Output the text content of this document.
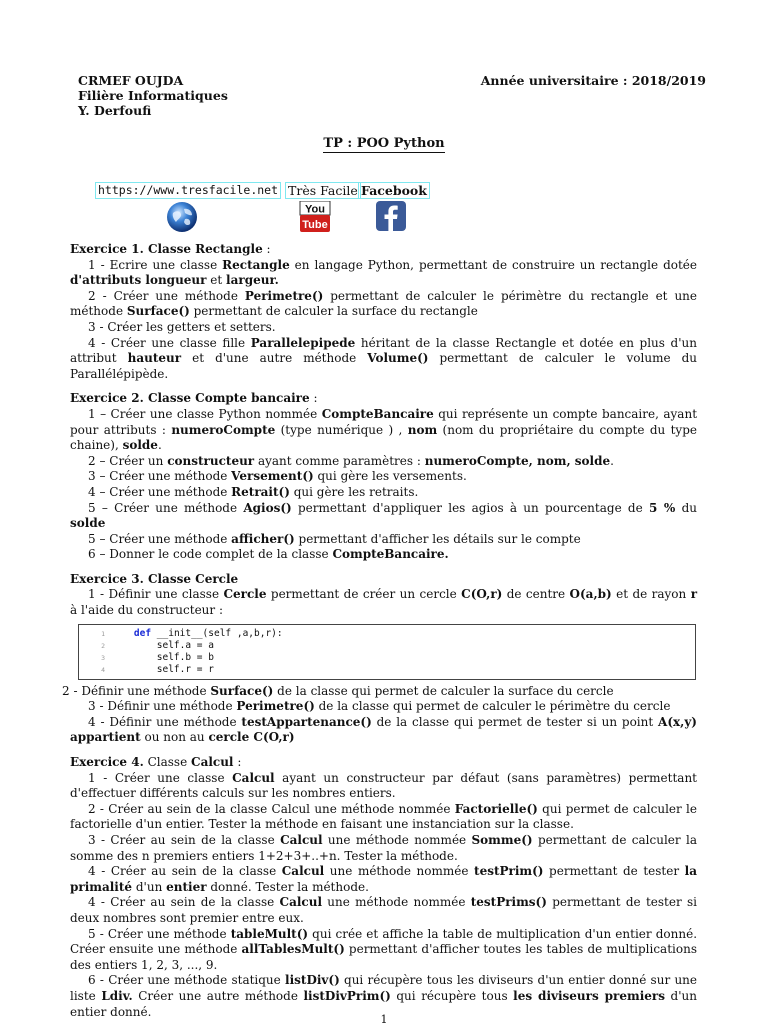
CRMEF OUJDA
Filière Informatiques
Y. Derfoufi
Année universitaire : 2018/2019
TP : POO Python
https://www.tresfacile.net Très Facile Facebook
You
Tube

Exercice 1. Classe Rectangle :

1 - Ecrire une classe Rectangle en langage Python, permettant de construire un rectangle dotée d'attributs longueur et largeur.

2 - Créer une méthode Perimetre() permettant de calculer le périmètre du rectangle et une méthode Surface() permettant de calculer la surface du rectangle

3 - Créer les getters et setters.

4 - Créer une classe fille Parallelepipede héritant de la classe Rectangle et dotée en plus d'un attribut hauteur et d'une autre méthode Volume() permettant de calculer le volume du Parallélépipède.

Exercice 2. Classe Compte bancaire :

1 – Créer une classe Python nommée CompteBancaire qui représente un compte bancaire, ayant pour attributs : numeroCompte (type numérique ) , nom (nom du propriétaire du compte du type chaine), solde.

2 – Créer un constructeur ayant comme paramètres : numeroCompte, nom, solde.

3 – Créer une méthode Versement() qui gère les versements.

4 – Créer une méthode Retrait() qui gère les retraits.

5 – Créer une méthode Agios() permettant d'appliquer les agios à un pourcentage de 5 % du solde

5 – Créer une méthode afficher() permettant d'afficher les détails sur le compte

6 – Donner le code complet de la classe CompteBancaire.

Exercice 3. Classe Cercle

1 - Définir une classe Cercle permettant de créer un cercle C(O,r) de centre O(a,b) et de rayon r à l'aide du constructeur :

1	def __init__(self ,a,b,r):
2 self.a = a
3 self.b = b
4 self.r = r

2 - Définir une méthode Surface() de la classe qui permet de calculer la surface du cercle

3 - Définir une méthode Perimetre() de la classe qui permet de calculer le périmètre du cercle

4 - Définir une méthode testAppartenance() de la classe qui permet de tester si un point A(x,y) appartient ou non au cercle C(O,r)

Exercice 4. Classe Calcul :

1 - Créer une classe Calcul ayant un constructeur par défaut (sans paramètres) permettant d'effectuer différents calculs sur les nombres entiers.

2 - Créer au sein de la classe Calcul une méthode nommée Factorielle() qui permet de calculer le factorielle d'un entier. Tester la méthode en faisant une instanciation sur la classe.

3 - Créer au sein de la classe Calcul une méthode nommée Somme() permettant de calculer la somme des n premiers entiers 1+2+3+..+n. Tester la méthode.

4 - Créer au sein de la classe Calcul une méthode nommée testPrim() permettant de tester la primalité d'un entier donné. Tester la méthode.

4 - Créer au sein de la classe Calcul une méthode nommée testPrims() permettant de tester si deux nombres sont premier entre eux.

5 - Créer une méthode tableMult() qui crée et affiche la table de multiplication d'un entier donné. Créer ensuite une méthode allTablesMult() permettant d'afficher toutes les tables de multiplications des entiers 1, 2, 3, ..., 9.

6 - Créer une méthode statique listDiv() qui récupère tous les diviseurs d'un entier donné sur une liste Ldiv. Créer une autre méthode listDivPrim() qui récupère tous les diviseurs premiers d'un entier donné.

1
